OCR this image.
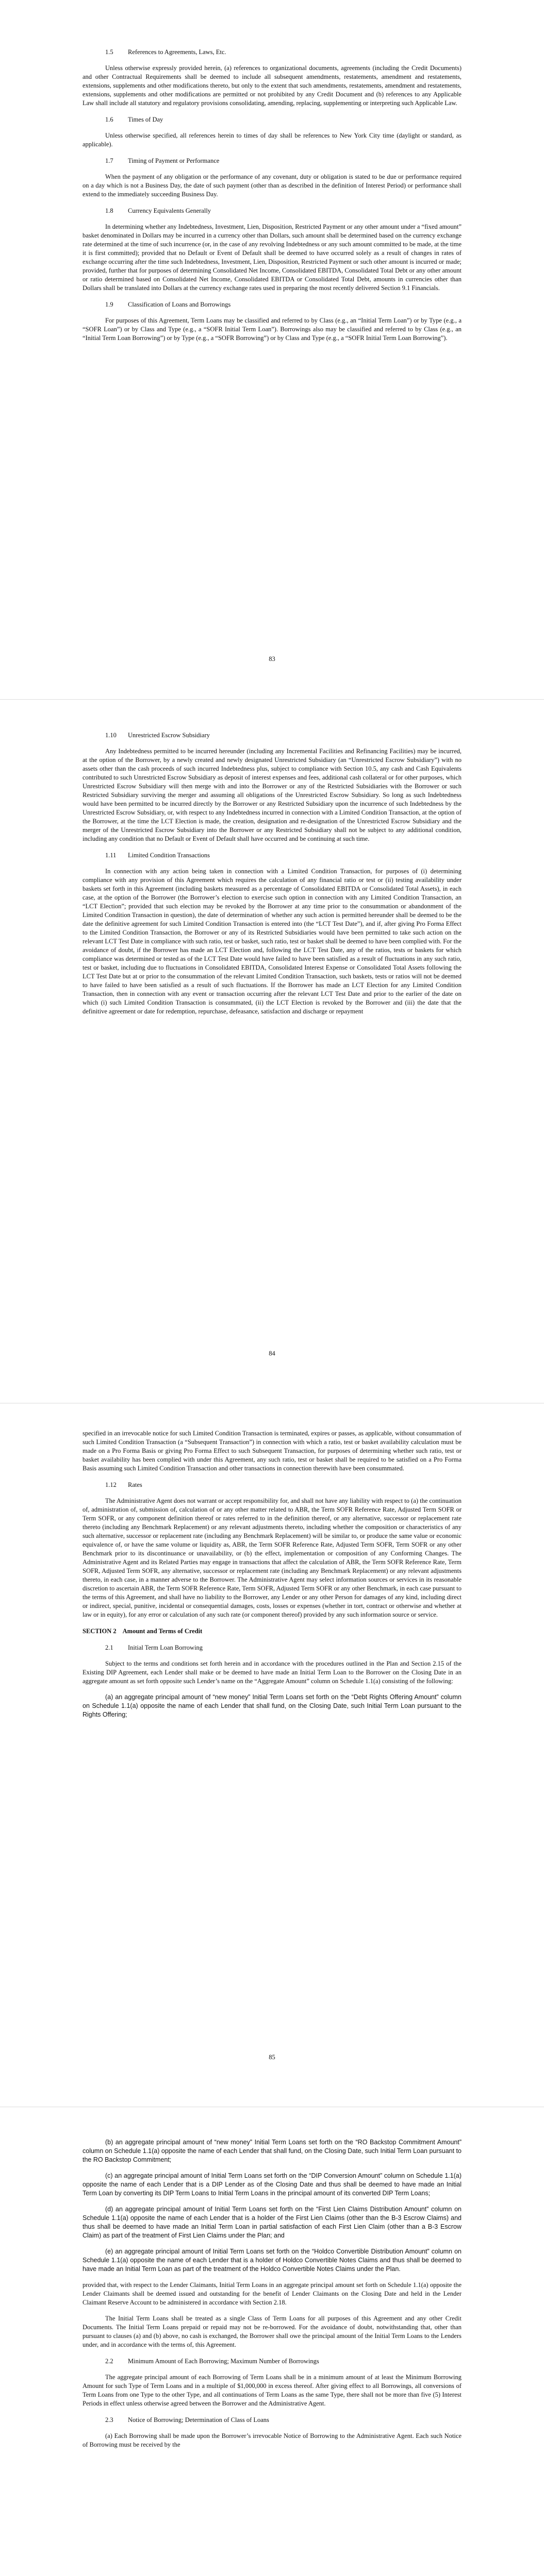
1.5 References to Agreements, Laws, Etc.

Unless otherwise expressly provided herein, (a) references to organizational documents, agreements (including the Credit Documents) and other Contractual Requirements shall be deemed to include all subsequent amendments, restatements, amendment and restatements, extensions, supplements and other modifications thereto, but only to the extent that such amendments, restatements, amendment and restatements, extensions, supplements and other modifications are permitted or not prohibited by any Credit Document and (b) references to any Applicable Law shall include all statutory and regulatory provisions consolidating, amending, replacing, supplementing or interpreting such Applicable Law.

1.6 Times of Day

Unless otherwise specified, all references herein to times of day shall be references to New York City time (daylight or standard, as applicable).

1.7 Timing of Payment or Performance

When the payment of any obligation or the performance of any covenant, duty or obligation is stated to be due or performance required on a day which is not a Business Day, the date of such payment (other than as described in the definition of Interest Period) or performance shall extend to the immediately succeeding Business Day.

1.8 Currency Equivalents Generally

In determining whether any Indebtedness, Investment, Lien, Disposition, Restricted Payment or any other amount under a “fixed amount” basket denominated in Dollars may be incurred in a currency other than Dollars, such amount shall be determined based on the currency exchange rate determined at the time of such incurrence (or, in the case of any revolving Indebtedness or any such amount committed to be made, at the time it is first committed); provided that no Default or Event of Default shall be deemed to have occurred solely as a result of changes in rates of exchange occurring after the time such Indebtedness, Investment, Lien, Disposition, Restricted Payment or such other amount is incurred or made; provided, further that for purposes of determining Consolidated Net Income, Consolidated EBITDA, Consolidated Total Debt or any other amount or ratio determined based on Consolidated Net Income, Consolidated EBITDA or Consolidated Total Debt, amounts in currencies other than Dollars shall be translated into Dollars at the currency exchange rates used in preparing the most recently delivered Section 9.1 Financials.

1.9 Classification of Loans and Borrowings

For purposes of this Agreement, Term Loans may be classified and referred to by Class (e.g., an “Initial Term Loan”) or by Type (e.g., a “SOFR Loan”) or by Class and Type (e.g., a “SOFR Initial Term Loan”). Borrowings also may be classified and referred to by Class (e.g., an “Initial Term Loan Borrowing”) or by Type (e.g., a “SOFR Borrowing”) or by Class and Type (e.g., a “SOFR Initial Term Loan Borrowing”).

83
1.10 Unrestricted Escrow Subsidiary

Any Indebtedness permitted to be incurred hereunder (including any Incremental Facilities and Refinancing Facilities) may be incurred, at the option of the Borrower, by a newly created and newly designated Unrestricted Subsidiary (an “Unrestricted Escrow Subsidiary”) with no assets other than the cash proceeds of such incurred Indebtedness plus, subject to compliance with Section 10.5, any cash and Cash Equivalents contributed to such Unrestricted Escrow Subsidiary as deposit of interest expenses and fees, additional cash collateral or for other purposes, which Unrestricted Escrow Subsidiary will then merge with and into the Borrower or any of the Restricted Subsidiaries with the Borrower or such Restricted Subsidiary surviving the merger and assuming all obligations of the Unrestricted Escrow Subsidiary. So long as such Indebtedness would have been permitted to be incurred directly by the Borrower or any Restricted Subsidiary upon the incurrence of such Indebtedness by the Unrestricted Escrow Subsidiary, or, with respect to any Indebtedness incurred in connection with a Limited Condition Transaction, at the option of the Borrower, at the time the LCT Election is made, the creation, designation and re-designation of the Unrestricted Escrow Subsidiary and the merger of the Unrestricted Escrow Subsidiary into the Borrower or any Restricted Subsidiary shall not be subject to any additional condition, including any condition that no Default or Event of Default shall have occurred and be continuing at such time.

1.11 Limited Condition Transactions

In connection with any action being taken in connection with a Limited Condition Transaction, for purposes of (i) determining compliance with any provision of this Agreement which requires the calculation of any financial ratio or test or (ii) testing availability under baskets set forth in this Agreement (including baskets measured as a percentage of Consolidated EBITDA or Consolidated Total Assets), in each case, at the option of the Borrower (the Borrower’s election to exercise such option in connection with any Limited Condition Transaction, an “LCT Election”; provided that such election may be revoked by the Borrower at any time prior to the consummation or abandonment of the Limited Condition Transaction in question), the date of determination of whether any such action is permitted hereunder shall be deemed to be the date the definitive agreement for such Limited Condition Transaction is entered into (the “LCT Test Date”), and if, after giving Pro Forma Effect to the Limited Condition Transaction, the Borrower or any of its Restricted Subsidiaries would have been permitted to take such action on the relevant LCT Test Date in compliance with such ratio, test or basket, such ratio, test or basket shall be deemed to have been complied with. For the avoidance of doubt, if the Borrower has made an LCT Election and, following the LCT Test Date, any of the ratios, tests or baskets for which compliance was determined or tested as of the LCT Test Date would have failed to have been satisfied as a result of fluctuations in any such ratio, test or basket, including due to fluctuations in Consolidated EBITDA, Consolidated Interest Expense or Consolidated Total Assets following the LCT Test Date but at or prior to the consummation of the relevant Limited Condition Transaction, such baskets, tests or ratios will not be deemed to have failed to have been satisfied as a result of such fluctuations. If the Borrower has made an LCT Election for any Limited Condition Transaction, then in connection with any event or transaction occurring after the relevant LCT Test Date and prior to the earlier of the date on which (i) such Limited Condition Transaction is consummated, (ii) the LCT Election is revoked by the Borrower and (iii) the date that the definitive agreement or date for redemption, repurchase, defeasance, satisfaction and discharge or repayment

84

specified in an irrevocable notice for such Limited Condition Transaction is terminated, expires or passes, as applicable, without consummation of such Limited Condition Transaction (a “Subsequent Transaction”) in connection with which a ratio, test or basket availability calculation must be made on a Pro Forma Basis or giving Pro Forma Effect to such Subsequent Transaction, for purposes of determining whether such ratio, test or basket availability has been complied with under this Agreement, any such ratio, test or basket shall be required to be satisfied on a Pro Forma Basis assuming such Limited Condition Transaction and other transactions in connection therewith have been consummated.

1.12 Rates

The Administrative Agent does not warrant or accept responsibility for, and shall not have any liability with respect to (a) the continuation of, administration of, submission of, calculation of or any other matter related to ABR, the Term SOFR Reference Rate, Adjusted Term SOFR or Term SOFR, or any component definition thereof or rates referred to in the definition thereof, or any alternative, successor or replacement rate thereto (including any Benchmark Replacement) or any relevant adjustments thereto, including whether the composition or characteristics of any such alternative, successor or replacement rate (including any Benchmark Replacement) will be similar to, or produce the same value or economic equivalence of, or have the same volume or liquidity as, ABR, the Term SOFR Reference Rate, Adjusted Term SOFR, Term SOFR or any other Benchmark prior to its discontinuance or unavailability, or (b) the effect, implementation or composition of any Conforming Changes. The Administrative Agent and its Related Parties may engage in transactions that affect the calculation of ABR, the Term SOFR Reference Rate, Term SOFR, Adjusted Term SOFR, any alternative, successor or replacement rate (including any Benchmark Replacement) or any relevant adjustments thereto, in each case, in a manner adverse to the Borrower. The Administrative Agent may select information sources or services in its reasonable discretion to ascertain ABR, the Term SOFR Reference Rate, Term SOFR, Adjusted Term SOFR or any other Benchmark, in each case pursuant to the terms of this Agreement, and shall have no liability to the Borrower, any Lender or any other Person for damages of any kind, including direct or indirect, special, punitive, incidental or consequential damages, costs, losses or expenses (whether in tort, contract or otherwise and whether at law or in equity), for any error or calculation of any such rate (or component thereof) provided by any such information source or service.

SECTION 2 Amount and Terms of Credit
2.1 Initial Term Loan Borrowing

Subject to the terms and conditions set forth herein and in accordance with the procedures outlined in the Plan and Section 2.15 of the Existing DIP Agreement, each Lender shall make or be deemed to have made an Initial Term Loan to the Borrower on the Closing Date in an aggregate amount as set forth opposite such Lender’s name on the “Aggregate Amount” column on Schedule 1.1(a) consisting of the following:

(a) an aggregate principal amount of “new money” Initial Term Loans set forth on the “Debt Rights Offering Amount” column on Schedule 1.1(a) opposite the name of each Lender that shall fund, on the Closing Date, such Initial Term Loan pursuant to the Rights Offering;

85

(b) an aggregate principal amount of “new money” Initial Term Loans set forth on the “RO Backstop Commitment Amount” column on Schedule 1.1(a) opposite the name of each Lender that shall fund, on the Closing Date, such Initial Term Loan pursuant to the RO Backstop Commitment;

(c) an aggregate principal amount of Initial Term Loans set forth on the “DIP Conversion Amount” column on Schedule 1.1(a) opposite the name of each Lender that is a DIP Lender as of the Closing Date and thus shall be deemed to have made an Initial Term Loan by converting its DIP Term Loans to Initial Term Loans in the principal amount of its converted DIP Term Loans;

(d) an aggregate principal amount of Initial Term Loans set forth on the “First Lien Claims Distribution Amount” column on Schedule 1.1(a) opposite the name of each Lender that is a holder of the First Lien Claims (other than the B-3 Escrow Claims) and thus shall be deemed to have made an Initial Term Loan in partial satisfaction of each First Lien Claim (other than a B-3 Escrow Claim) as part of the treatment of First Lien Claims under the Plan; and

(e) an aggregate principal amount of Initial Term Loans set forth on the “Holdco Convertible Distribution Amount” column on Schedule 1.1(a) opposite the name of each Lender that is a holder of Holdco Convertible Notes Claims and thus shall be deemed to have made an Initial Term Loan as part of the treatment of the Holdco Convertible Notes Claims under the Plan.

provided that, with respect to the Lender Claimants, Initial Term Loans in an aggregate principal amount set forth on Schedule 1.1(a) opposite the Lender Claimants shall be deemed issued and outstanding for the benefit of Lender Claimants on the Closing Date and held in the Lender Claimant Reserve Account to be administered in accordance with Section 2.18.

The Initial Term Loans shall be treated as a single Class of Term Loans for all purposes of this Agreement and any other Credit Documents. The Initial Term Loans prepaid or repaid may not be re-borrowed. For the avoidance of doubt, notwithstanding that, other than pursuant to clauses (a) and (b) above, no cash is exchanged, the Borrower shall owe the principal amount of the Initial Term Loans to the Lenders under, and in accordance with the terms of, this Agreement.

2.2 Minimum Amount of Each Borrowing; Maximum Number of Borrowings

The aggregate principal amount of each Borrowing of Term Loans shall be in a minimum amount of at least the Minimum Borrowing Amount for such Type of Term Loans and in a multiple of $1,000,000 in excess thereof. After giving effect to all Borrowings, all conversions of Term Loans from one Type to the other Type, and all continuations of Term Loans as the same Type, there shall not be more than five (5) Interest Periods in effect unless otherwise agreed between the Borrower and the Administrative Agent.

2.3 Notice of Borrowing; Determination of Class of Loans

(a) Each Borrowing shall be made upon the Borrower’s irrevocable Notice of Borrowing to the Administrative Agent. Each such Notice of Borrowing must be received by the
